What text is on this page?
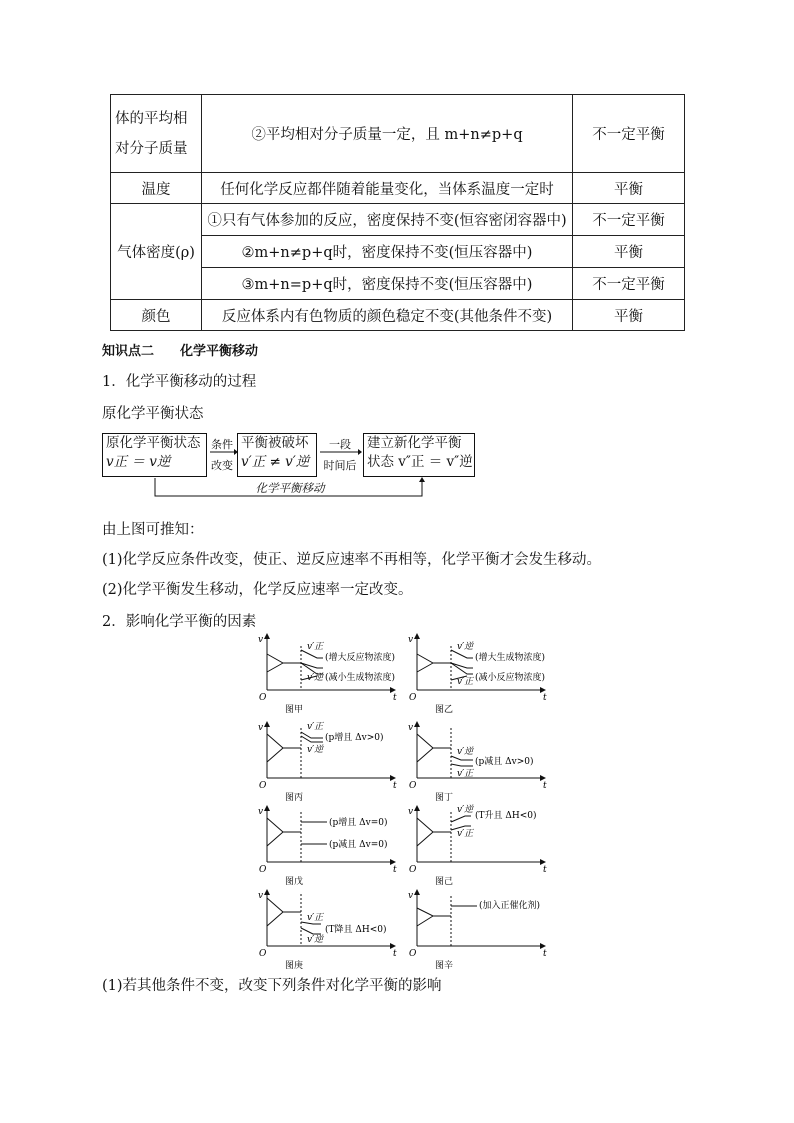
体的平均相对分子质量	②平均相对分子质量一定，且 m+n≠p+q	不一定平衡
温度	任何化学反应都伴随着能量变化，当体系温度一定时	平衡
气体密度(ρ)	①只有气体参加的反应，密度保持不变(恒容密闭容器中)	不一定平衡
	②m+n≠p+q时，密度保持不变(恒压容器中)	平衡
	③m+n=p+q时，密度保持不变(恒压容器中)	不一定平衡
颜色	反应体系内有色物质的颜色稳定不变(其他条件不变)	平衡
知识点二　　化学平衡移动
1．化学平衡移动的过程
原化学平衡状态
原化学平衡状态
v正 ＝ v逆
条件
改变
平衡被破坏
v′正 ≠ v′逆
一段
时间后
建立新化学平衡
状态 v″正 ＝ v″逆
化学平衡移动
由上图可推知：
(1)化学反应条件改变，使正、逆反应速率不再相等，化学平衡才会发生移动。
(2)化学平衡发生移动，化学反应速率一定改变。
2．影响化学平衡的因素
v
t
O
v′正
v′逆
(增大反应物浓度)
(减小生成物浓度)
图甲
v
t
O
v′逆
v′正
(增大生成物浓度)
(减小反应物浓度)
图乙
v
t
O
v′正
v′逆
(p增且 Δv>0)
图丙
v
t
O
v′逆
v′正
(p减且 Δv>0)
图丁
v
t
O
(p增且 Δv=0)
(p减且 Δv=0)
图戊
v
t
O
v′逆
v′正
(T升且 ΔH<0)
图己
v
t
O
v′正
v′逆
(T降且 ΔH<0)
图庚
v
t
O
(加入正催化剂)
图辛
(1)若其他条件不变，改变下列条件对化学平衡的影响
